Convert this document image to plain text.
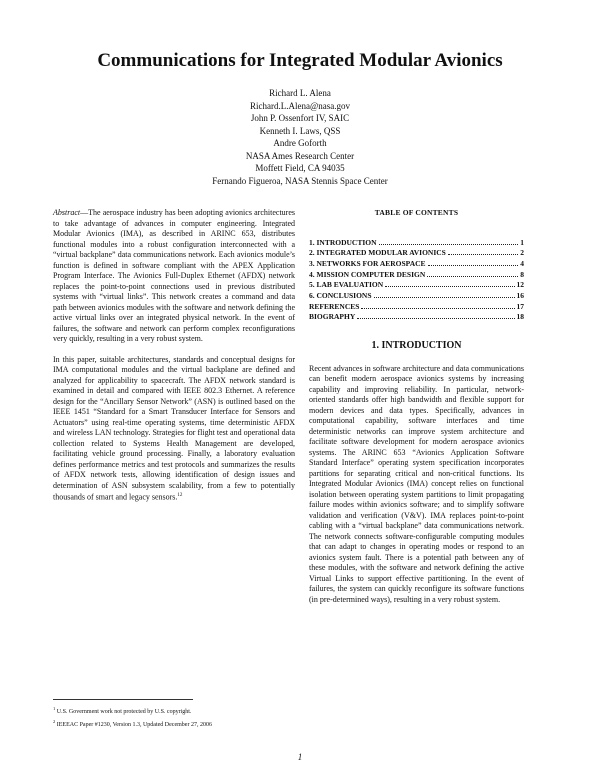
Communications for Integrated Modular Avionics
Richard L. Alena
Richard.L.Alena@nasa.gov
John P. Ossenfort IV, SAIC
Kenneth I. Laws, QSS
Andre Goforth
NASA Ames Research Center
Moffett Field, CA 94035
Fernando Figueroa, NASA Stennis Space Center

Abstract—The aerospace industry has been adopting avionics architectures to take advantage of advances in computer engineering. Integrated Modular Avionics (IMA), as described in ARINC 653, distributes functional modules into a robust configuration interconnected with a “virtual backplane” data communications network. Each avionics module’s function is defined in software compliant with the APEX Application Program Interface. The Avionics Full-Duplex Ethernet (AFDX) network replaces the point-to-point connections used in previous distributed systems with “virtual links”. This network creates a command and data path between avionics modules with the software and network defining the active virtual links over an integrated physical network. In the event of failures, the software and network can perform complex reconfigurations very quickly, resulting in a very robust system.

In this paper, suitable architectures, standards and conceptual designs for IMA computational modules and the virtual backplane are defined and analyzed for applicability to spacecraft. The AFDX network standard is examined in detail and compared with IEEE 802.3 Ethernet. A reference design for the “Ancillary Sensor Network” (ASN) is outlined based on the IEEE 1451 “Standard for a Smart Transducer Interface for Sensors and Actuators” using real-time operating systems, time deterministic AFDX and wireless LAN technology. Strategies for flight test and operational data collection related to Systems Health Management are developed, facilitating vehicle ground processing. Finally, a laboratory evaluation defines performance metrics and test protocols and summarizes the results of AFDX network tests, allowing identification of design issues and determination of ASN subsystem scalability, from a few to potentially thousands of smart and legacy sensors.$^{12}$

TABLE OF CONTENTS
1. INTRODUCTION	1
2. INTEGRATED MODULAR AVIONICS	2
3. NETWORKS FOR AEROSPACE	4
4. MISSION COMPUTER DESIGN	8
5. LAB EVALUATION	12
6. CONCLUSIONS	16
REFERENCES	17
BIOGRAPHY	18
1. INTRODUCTION

Recent advances in software architecture and data communications can benefit modern aerospace avionics systems by increasing capability and improving reliability. In particular, network-oriented standards offer high bandwidth and flexible support for modern devices and data types. Specifically, advances in computational capability, software interfaces and time deterministic networks can improve system architecture and facilitate software development for modern aerospace avionics systems. The ARINC 653 “Avionics Application Software Standard Interface” operating system specification incorporates partitions for separating critical and non-critical functions. Its Integrated Modular Avionics (IMA) concept relies on functional isolation between operating system partitions to limit propagating failure modes within avionics software; and to simplify software validation and verification (V&V). IMA replaces point-to-point cabling with a “virtual backplane” data communications network. The network connects software-configurable computing modules that can adapt to changes in operating modes or respond to an avionics system fault. There is a potential path between any of these modules, with the software and network defining the active Virtual Links to support effective partitioning. In the event of failures, the system can quickly reconfigure its software functions (in pre-determined ways), resulting in a very robust system.

$^1$ U.S. Government work not protected by U.S. copyright.
$^2$ IEEEAC Paper #1230, Version 1.3, Updated December 27, 2006
1
